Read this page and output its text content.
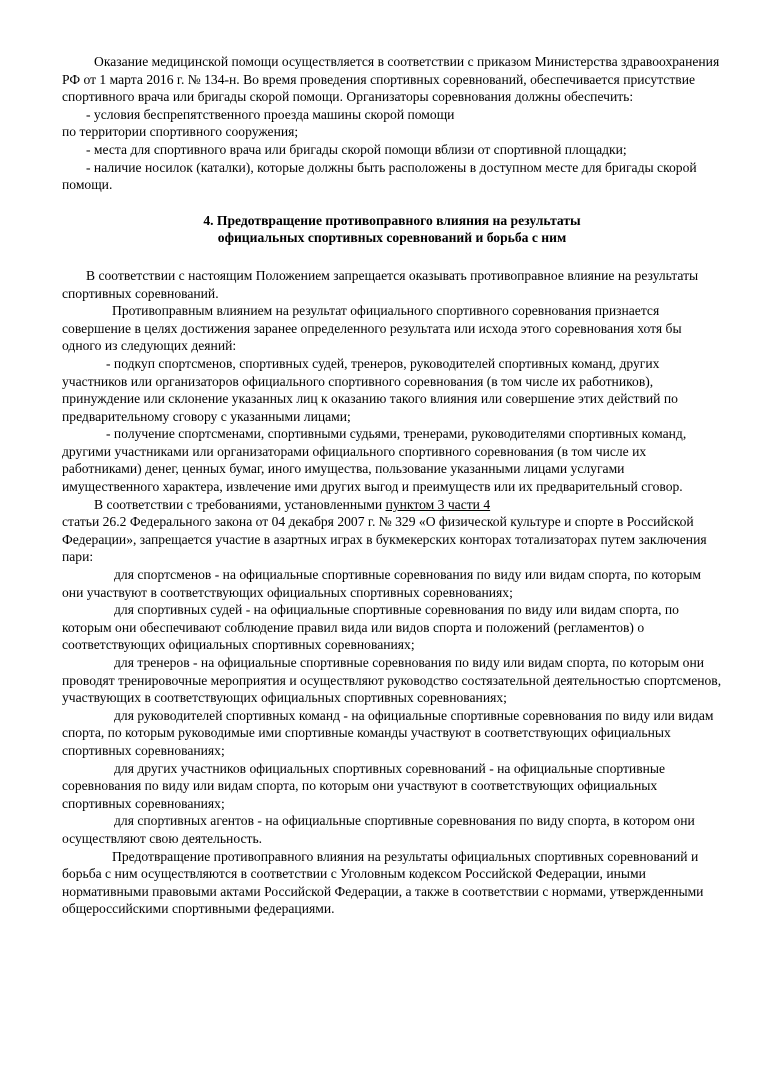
Оказание медицинской помощи осуществляется в соответствии с приказом Министерства здравоохранения РФ от 1 марта 2016 г. № 134-н. Во время проведения спортивных соревнований, обеспечивается присутствие спортивного врача или бригады скорой помощи. Организаторы соревнования должны обеспечить:

- условия беспрепятственного проезда машины скорой помощи

по территории спортивного сооружения;

- места для спортивного врача или бригады скорой помощи вблизи от спортивной площадки;

- наличие носилок (каталки), которые должны быть расположены в доступном месте для бригады скорой помощи.

4. Предотвращение противоправного влияния на результаты
официальных спортивных соревнований и борьба с ним

В соответствии с настоящим Положением запрещается оказывать противоправное влияние на результаты спортивных соревнований.

Противоправным влиянием на результат официального спортивного соревнования признается совершение в целях достижения заранее определенного результата или исхода этого соревнования хотя бы одного из следующих деяний:

- подкуп спортсменов, спортивных судей, тренеров, руководителей спортивных команд, других участников или организаторов официального спортивного соревнования (в том числе их работников), принуждение или склонение указанных лиц к оказанию такого влияния или совершение этих действий по предварительному сговору с указанными лицами;

- получение спортсменами, спортивными судьями, тренерами, руководителями спортивных команд, другими участниками или организаторами официального спортивного соревнования (в том числе их работниками) денег, ценных бумаг, иного имущества, пользование указанными лицами услугами имущественного характера, извлечение ими других выгод и преимуществ или их предварительный сговор.

В соответствии с требованиями, установленными пунктом 3 части 4

статьи 26.2 Федерального закона от 04 декабря 2007 г. № 329 «О физической культуре и спорте в Российской Федерации», запрещается участие в азартных играх в букмекерских конторах тотализаторах путем заключения пари:

для спортсменов - на официальные спортивные соревнования по виду или видам спорта, по которым они участвуют в соответствующих официальных спортивных соревнованиях;

для спортивных судей - на официальные спортивные соревнования по виду или видам спорта, по которым они обеспечивают соблюдение правил вида или видов спорта и положений (регламентов) о соответствующих официальных спортивных соревнованиях;

для тренеров - на официальные спортивные соревнования по виду или видам спорта, по которым они проводят тренировочные мероприятия и осуществляют руководство состязательной деятельностью спортсменов, участвующих в соответствующих официальных спортивных соревнованиях;

для руководителей спортивных команд - на официальные спортивные соревнования по виду или видам спорта, по которым руководимые ими спортивные команды участвуют в соответствующих официальных спортивных соревнованиях;

для других участников официальных спортивных соревнований - на официальные спортивные соревнования по виду или видам спорта, по которым они участвуют в соответствующих официальных спортивных соревнованиях;

для спортивных агентов - на официальные спортивные соревнования по виду спорта, в котором они осуществляют свою деятельность.

Предотвращение противоправного влияния на результаты официальных спортивных соревнований и борьба с ним осуществляются в соответствии с Уголовным кодексом Российской Федерации, иными нормативными правовыми актами Российской Федерации, а также в соответствии с нормами, утвержденными общероссийскими спортивными федерациями.
